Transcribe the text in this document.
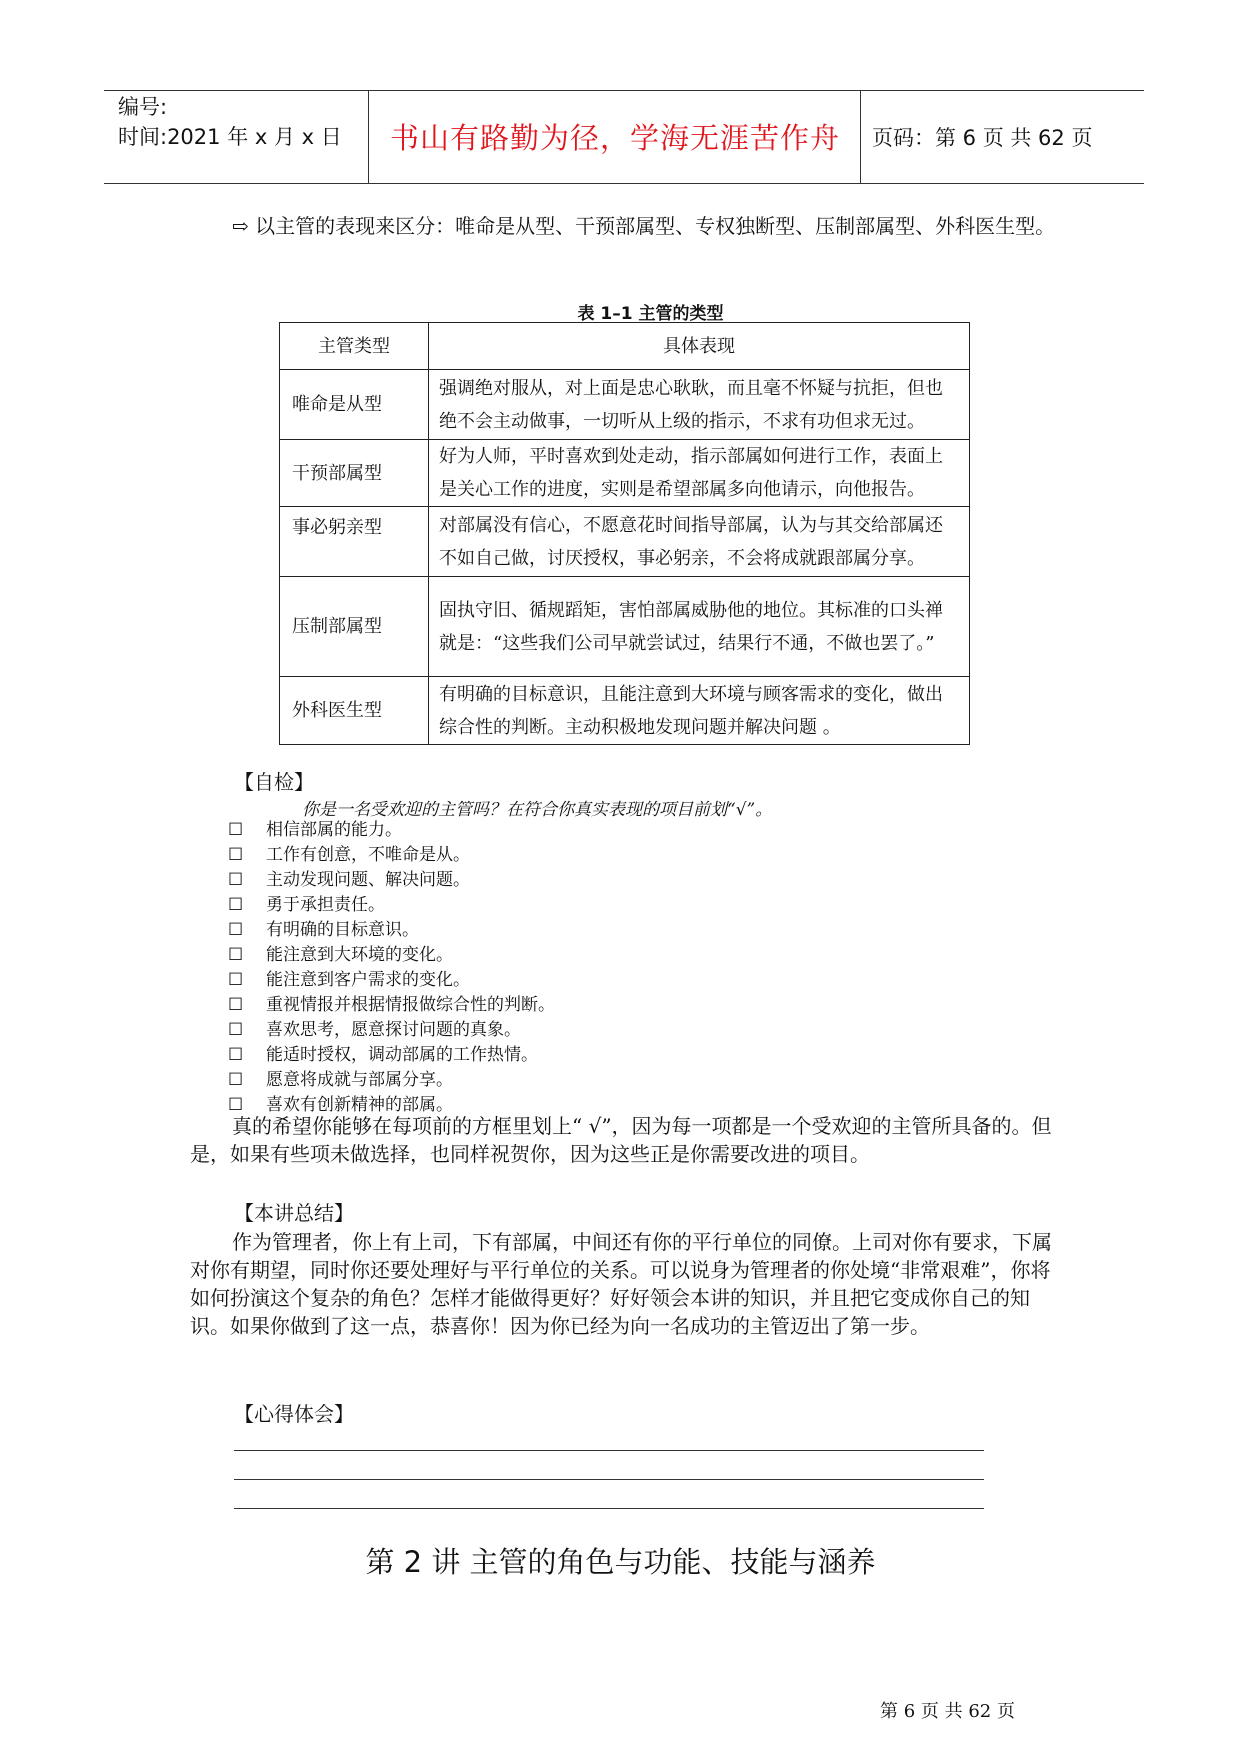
编号:
时间:2021 年 x 月 x 日	书山有路勤为径，学海无涯苦作舟	页码：第 6 页 共 62 页
⇨ 以主管的表现来区分：唯命是从型、干预部属型、专权独断型、压制部属型、外科医生型。
表 1–1 主管的类型
主管类型	具体表现
唯命是从型	强调绝对服从，对上面是忠心耿耿，而且毫不怀疑与抗拒，但也绝不会主动做事，一切听从上级的指示，不求有功但求无过。
干预部属型	好为人师，平时喜欢到处走动，指示部属如何进行工作，表面上是关心工作的进度，实则是希望部属多向他请示，向他报告。
事必躬亲型	对部属没有信心，不愿意花时间指导部属，认为与其交给部属还不如自己做，讨厌授权，事必躬亲，不会将成就跟部属分享。
压制部属型	固执守旧、循规蹈矩，害怕部属威胁他的地位。其标准的口头禅就是：“这些我们公司早就尝试过，结果行不通，不做也罢了。”
外科医生型	有明确的目标意识，且能注意到大环境与顾客需求的变化，做出综合性的判断。主动积极地发现问题并解决问题 。
【自检】
你是一名受欢迎的主管吗？在符合你真实表现的项目前划“√”。
☐ 相信部属的能力。
☐ 工作有创意，不唯命是从。
☐ 主动发现问题、解决问题。
☐ 勇于承担责任。
☐ 有明确的目标意识。
☐ 能注意到大环境的变化。
☐ 能注意到客户需求的变化。
☐ 重视情报并根据情报做综合性的判断。
☐ 喜欢思考，愿意探讨问题的真象。
☐ 能适时授权，调动部属的工作热情。
☐ 愿意将成就与部属分享。
☐ 喜欢有创新精神的部属。
真的希望你能够在每项前的方框里划上“ √”，因为每一项都是一个受欢迎的主管所具备的。但是，如果有些项未做选择，也同样祝贺你，因为这些正是你需要改进的项目。
【本讲总结】
作为管理者，你上有上司，下有部属，中间还有你的平行单位的同僚。上司对你有要求，下属对你有期望，同时你还要处理好与平行单位的关系。可以说身为管理者的你处境“非常艰难”，你将如何扮演这个复杂的角色？怎样才能做得更好？好好领会本讲的知识，并且把它变成你自己的知识。如果你做到了这一点，恭喜你！因为你已经为向一名成功的主管迈出了第一步。
【心得体会】
第 2 讲 主管的角色与功能、技能与涵养
第 6 页 共 62 页
